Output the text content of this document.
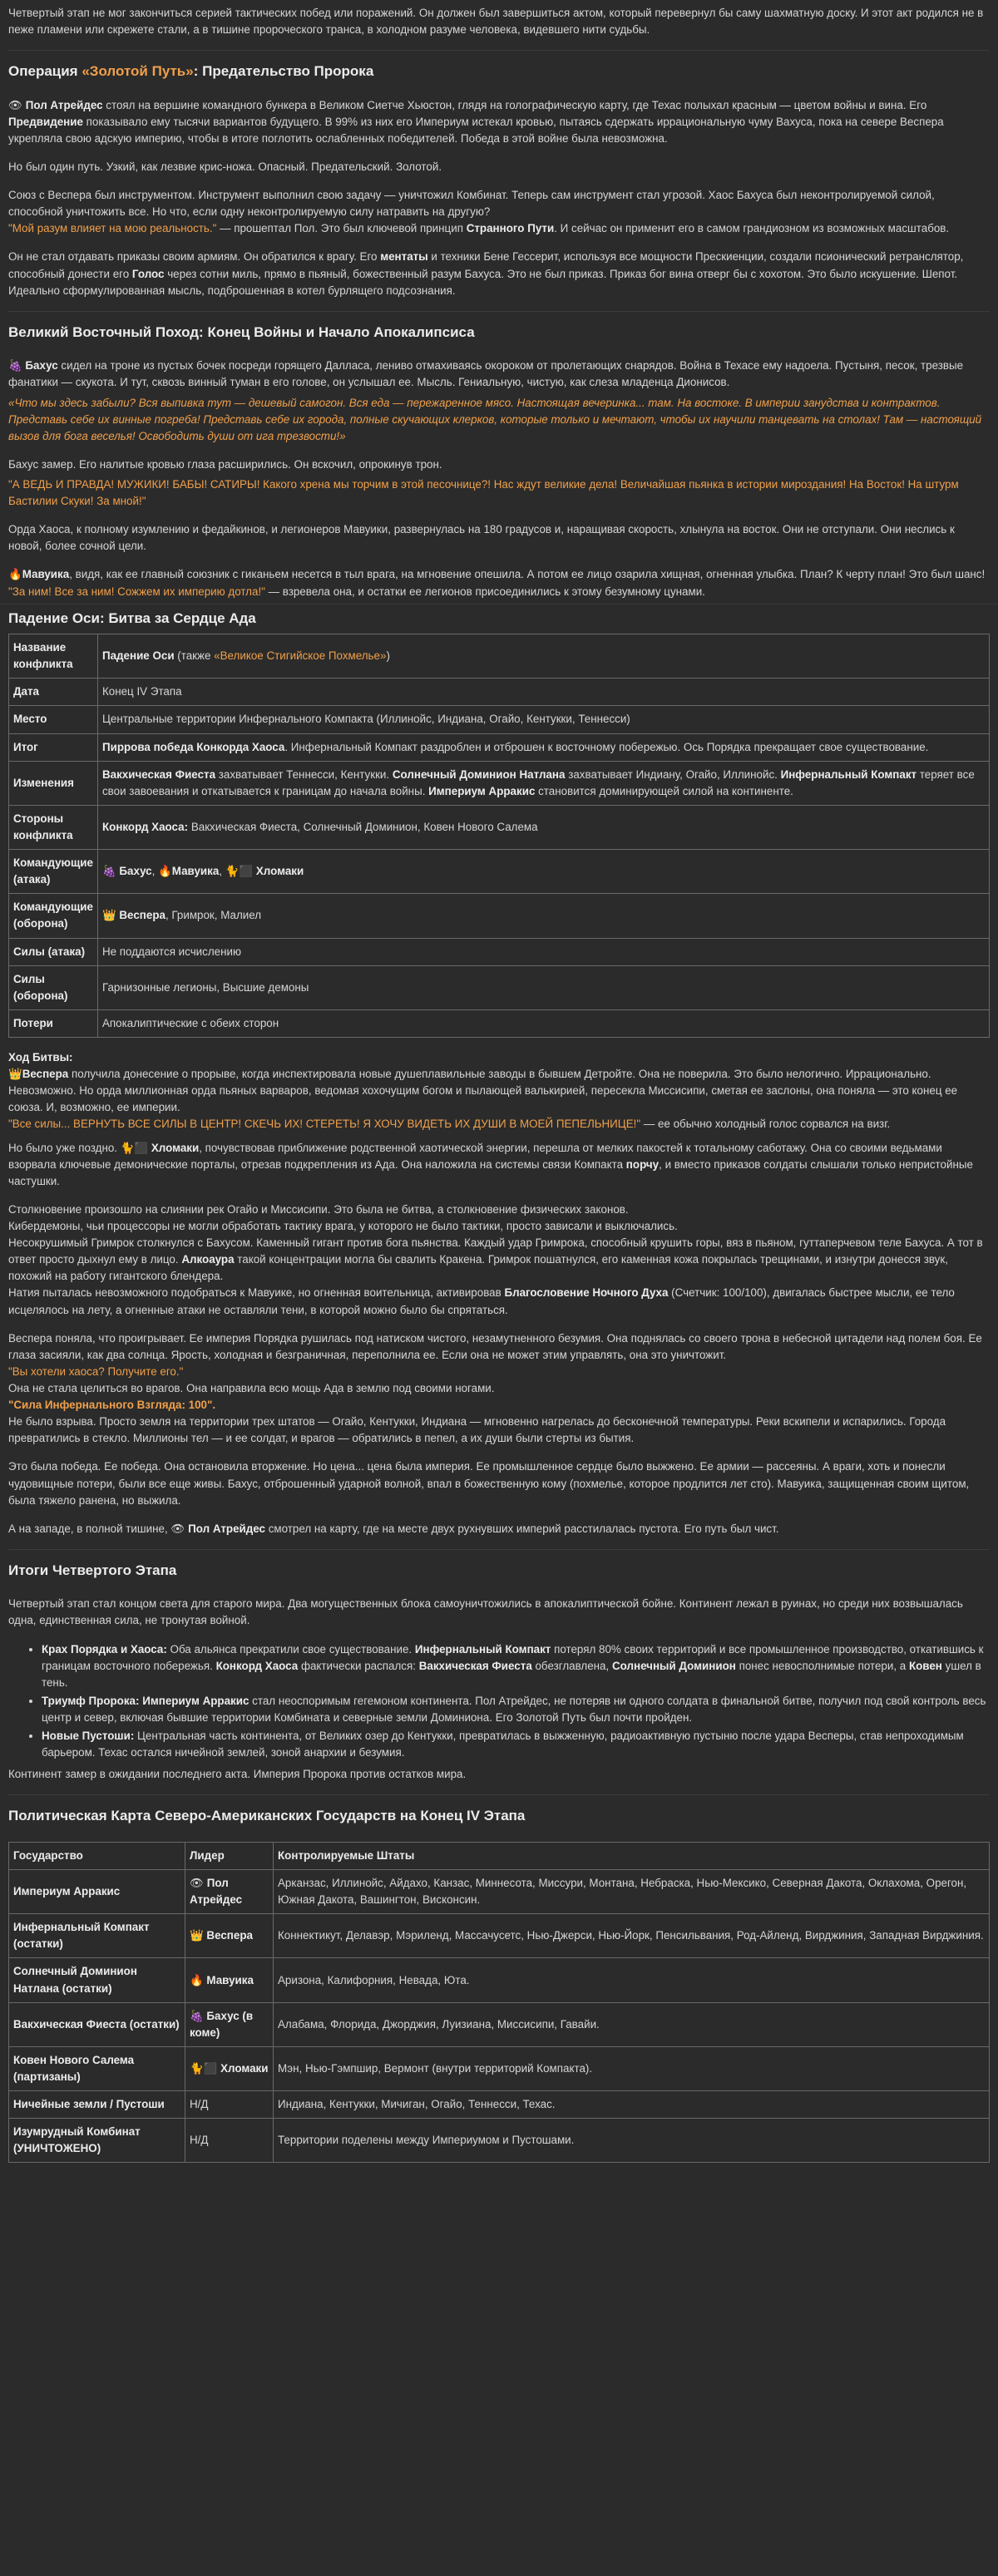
Четвертый этап не мог закончиться серией тактических побед или поражений. Он должен был завершиться актом, который перевернул бы саму шахматную доску. И этот акт родился не в пеже пламени или скрежете стали, а в тишине пророческого транса, в холодном разуме человека, видевшего нити судьбы.

Операция «Золотой Путь»: Предательство Пророка

👁 Пол Атрейдес стоял на вершине командного бункера в Великом Сиетче Хьюстон, глядя на голографическую карту, где Техас полыхал красным — цветом войны и вина. Его Предвидение показывало ему тысячи вариантов будущего. В 99% из них его Империум истекал кровью, пытаясь сдержать иррациональную чуму Вахуса, пока на севере Веспера укрепляла свою адскую империю, чтобы в итоге поглотить ослабленных победителей. Победа в этой войне была невозможна.

Но был один путь. Узкий, как лезвие крис-ножа. Опасный. Предательский. Золотой.

Союз с Веспера был инструментом. Инструмент выполнил свою задачу — уничтожил Комбинат. Теперь сам инструмент стал угрозой. Хаос Бахуса был неконтролируемой силой, способной уничтожить все. Но что, если одну неконтролируемую силу натравить на другую?
"Мой разум влияет на мою реальность." — прошептал Пол. Это был ключевой принцип Странного Пути. И сейчас он применит его в самом грандиозном из возможных масштабов.

Он не стал отдавать приказы своим армиям. Он обратился к врагу. Его ментаты и техники Бене Гессерит, используя все мощности Прескиенции, создали псионический ретранслятор, способный донести его Голос через сотни миль, прямо в пьяный, божественный разум Бахуса. Это не был приказ. Приказ бог вина отверг бы с хохотом. Это было искушение. Шепот. Идеально сформулированная мысль, подброшенная в котел бурлящего подсознания.

Великий Восточный Поход: Конец Войны и Начало Апокалипсиса

🍇 Бахус сидел на троне из пустых бочек посреди горящего Далласа, лениво отмахиваясь окороком от пролетающих снарядов. Война в Техасе ему надоела. Пустыня, песок, трезвые фанатики — скукота. И тут, сквозь винный туман в его голове, он услышал ее. Мысль. Гениальную, чистую, как слеза младенца Дионисов.

«Что мы здесь забыли? Вся выпивка тут — дешевый самогон. Вся еда — пережаренное мясо. Настоящая вечеринка... там. На востоке. В империи занудства и контрактов. Представь себе их винные погреба! Представь себе их города, полные скучающих клерков, которые только и мечтают, чтобы их научили танцевать на столах! Там — настоящий вызов для бога веселья! Освободить души от ига трезвости!»

Бахус замер. Его налитые кровью глаза расширились. Он вскочил, опрокинув трон.

"А ВЕДЬ И ПРАВДА! МУЖИКИ! БАБЫ! САТИРЫ! Какого хрена мы торчим в этой песочнице?! Нас ждут великие дела! Величайшая пьянка в истории мироздания! На Восток! На штурм Бастилии Скуки! За мной!"

Орда Хаоса, к полному изумлению и федайкинов, и легионеров Мавуики, развернулась на 180 градусов и, наращивая скорость, хлынула на восток. Они не отступали. Они неслись к новой, более сочной цели.

🔥Мавуика, видя, как ее главный союзник с гиканьем несется в тыл врага, на мгновение опешила. А потом ее лицо озарила хищная, огненная улыбка. План? К черту план! Это был шанс! "За ним! Все за ним! Сожжем их империю дотла!" — взревела она, и остатки ее легионов присоединились к этому безумному цунами.

Падение Оси: Битва за Сердце Ада
Название конфликта	Падение Оси (также «Великое Стигийское Похмелье»)
Дата	Конец IV Этапа
Место	Центральные территории Инфернального Компакта (Иллинойс, Индиана, Огайо, Кентукки, Теннесси)
Итог	Пиррова победа Конкорда Хаоса. Инфернальный Компакт раздроблен и отброшен к восточному побережью. Ось Порядка прекращает свое существование.
Изменения	Вакхическая Фиеста захватывает Теннесси, Кентукки. Солнечный Доминион Натлана захватывает Индиану, Огайо, Иллинойс. Инфернальный Компакт теряет все свои завоевания и откатывается к границам до начала войны. Империум Арракис становится доминирующей силой на континенте.
Стороны конфликта	Конкорд Хаоса: Вакхическая Фиеста, Солнечный Доминион, Ковен Нового Салема
Командующие (атака)	🍇 Бахус, 🔥Мавуика, 🐈⬛ Хломаки
Командующие (оборона)	👑 Веспера, Гримрок, Малиел
Силы (атака)	Не поддаются исчислению
Силы (оборона)	Гарнизонные легионы, Высшие демоны
Потери	Апокалиптические с обеих сторон

Ход Битвы:

👑Веспера получила донесение о прорыве, когда инспектировала новые душеплавильные заводы в бывшем Детройте. Она не поверила. Это было нелогично. Иррационально. Невозможно. Но орда миллионная орда пьяных варваров, ведомая хохочущим богом и пылающей валькирией, пересекла Миссисипи, сметая ее заслоны, она поняла — это конец ее союза. И, возможно, ее империи.
"Все силы... ВЕРНУТЬ ВСЕ СИЛЫ В ЦЕНТР! СКЕЧЬ ИХ! СТЕРЕТЬ! Я ХОЧУ ВИДЕТЬ ИХ ДУШИ В МОЕЙ ПЕПЕЛЬНИЦЕ!" — ее обычно холодный голос сорвался на визг.

Но было уже поздно. 🐈⬛ Хломаки, почувствовав приближение родственной хаотической энергии, перешла от мелких пакостей к тотальному саботажу. Она со своими ведьмами взорвала ключевые демонические порталы, отрезав подкрепления из Ада. Она наложила на системы связи Компакта порчу, и вместо приказов солдаты слышали только непристойные частушки.

Столкновение произошло на слиянии рек Огайо и Миссисипи. Это была не битва, а столкновение физических законов.
Кибердемоны, чьи процессоры не могли обработать тактику врага, у которого не было тактики, просто зависали и выключались.
Несокрушимый Гримрок столкнулся с Бахусом. Каменный гигант против бога пьянства. Каждый удар Гримрока, способный крушить горы, вяз в пьяном, гуттаперчевом теле Бахуса. А тот в ответ просто дыхнул ему в лицо. Алкоаура такой концентрации могла бы свалить Кракена. Гримрок пошатнулся, его каменная кожа покрылась трещинами, и изнутри донесся звук, похожий на работу гигантского блендера.
Натия пыталась невозможного подобраться к Мавуике, но огненная воительница, активировав Благословение Ночного Духа (Счетчик: 100/100), двигалась быстрее мысли, ее тело исцелялось на лету, а огненные атаки не оставляли тени, в которой можно было бы спрятаться.

Веспера поняла, что проигрывает. Ее империя Порядка рушилась под натиском чистого, незамутненного безумия. Она поднялась со своего трона в небесной цитадели над полем боя. Ее глаза засияли, как два солнца. Ярость, холодная и безграничная, переполнила ее. Если она не может этим управлять, она это уничтожит.
"Вы хотели хаоса? Получите его."
Она не стала целиться во врагов. Она направила всю мощь Ада в землю под своими ногами.
"Сила Инфернального Взгляда: 100".
Не было взрыва. Просто земля на территории трех штатов — Огайо, Кентукки, Индиана — мгновенно нагрелась до бесконечной температуры. Реки вскипели и испарились. Города превратились в стекло. Миллионы тел — и ее солдат, и врагов — обратились в пепел, а их души были стерты из бытия.

Это была победа. Ее победа. Она остановила вторжение. Но цена... цена была империя. Ее промышленное сердце было выжжено. Ее армии — рассеяны. А враги, хоть и понесли чудовищные потери, были все еще живы. Бахус, отброшенный ударной волной, впал в божественную кому (похмелье, которое продлится лет сто). Мавуика, защищенная своим щитом, была тяжело ранена, но выжила.

А на западе, в полной тишине, 👁 Пол Атрейдес смотрел на карту, где на месте двух рухнувших империй расстилалась пустота. Его путь был чист.

Итоги Четвертого Этапа

Четвертый этап стал концом света для старого мира. Два могущественных блока самоуничтожились в апокалиптической бойне. Континент лежал в руинах, но среди них возвышалась одна, единственная сила, не тронутая войной.

• Крах Порядка и Хаоса: Оба альянса прекратили свое существование. Инфернальный Компакт потерял 80% своих территорий и все промышленное производство, откатившись к границам восточного побережья. Конкорд Хаоса фактически распался: Вакхическая Фиеста обезглавлена, Солнечный Доминион понес невосполнимые потери, а Ковен ушел в тень.
• Триумф Пророка: Империум Арракис стал неоспоримым гегемоном континента. Пол Атрейдес, не потеряв ни одного солдата в финальной битве, получил под свой контроль весь центр и север, включая бывшие территории Комбината и северные земли Доминиона. Его Золотой Путь был почти пройден.
• Новые Пустоши: Центральная часть континента, от Великих озер до Кентукки, превратилась в выжженную, радиоактивную пустыню после удара Весперы, став непроходимым барьером. Техас остался ничейной землей, зоной анархии и безумия.

Континент замер в ожидании последнего акта. Империя Пророка против остатков мира.

Политическая Карта Северо-Американских Государств на Конец IV Этапа
Государство	Лидер	Контролируемые Штаты
Империум Арракис	👁 Пол Атрейдес	Арканзас, Иллинойс, Айдахо, Канзас, Миннесота, Миссури, Монтана, Небраска, Нью-Мексико, Северная Дакота, Оклахома, Орегон, Южная Дакота, Вашингтон, Висконсин.
Инфернальный Компакт (остатки)	👑 Веспера	Коннектикут, Делавэр, Мэриленд, Массачусетс, Нью-Джерси, Нью-Йорк, Пенсильвания, Род-Айленд, Вирджиния, Западная Вирджиния.
Солнечный Доминион Натлана (остатки)	🔥 Мавуика	Аризона, Калифорния, Невада, Юта.
Вакхическая Фиеста (остатки)	🍇 Бахус (в коме)	Алабама, Флорида, Джорджия, Луизиана, Миссисипи, Гавайи.
Ковен Нового Салема (партизаны)	🐈⬛ Хломаки	Мэн, Нью-Гэмпшир, Вермонт (внутри территорий Компакта).
Ничейные земли / Пустоши	Н/Д	Индиана, Кентукки, Мичиган, Огайо, Теннесси, Техас.
Изумрудный Комбинат (УНИЧТОЖЕНО)	Н/Д	Территории поделены между Империумом и Пустошами.
